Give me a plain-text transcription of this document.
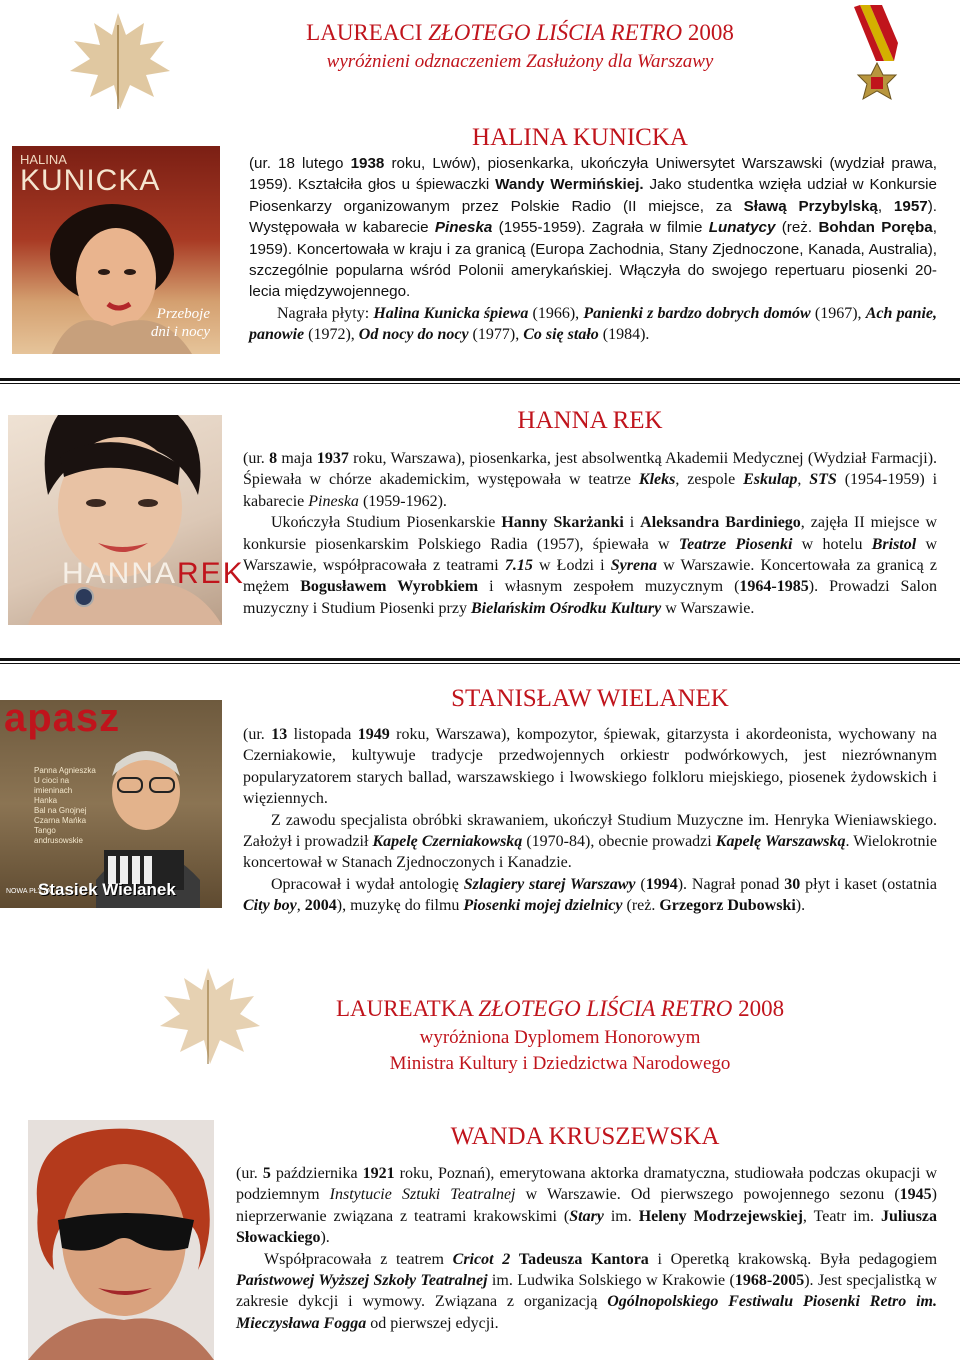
LAUREACI ZŁOTEGO LIŚCIA RETRO 2008
wyróżnieni odznaczeniem Zasłużony dla Warszawy
HALINA
KUNICKA
Przeboje
dni i nocy
HALINA KUNICKA

(ur. 18 lutego 1938 roku, Lwów), piosenkarka, ukończyła Uniwersytet Warszawski (wydział prawa, 1959). Kształciła głos u śpiewaczki Wandy Wermińskiej. Jako studentka wzięła udział w Konkursie Piosenkarzy organizowanym przez Polskie Radio (II miejsce, za Sławą Przybylską, 1957). Występowała w kabarecie Pineska (1955-1959). Zagrała w filmie Lunatycy (reż. Bohdan Poręba, 1959). Koncertowała w kraju i za granicą (Europa Zachodnia, Stany Zjednoczone, Kanada, Australia), szczególnie popularna wśród Polonii amerykańskiej. Włączyła do swojego repertuaru piosenki 20-lecia międzywojennego.

Nagrała płyty: Halina Kunicka śpiewa (1966), Panienki z bardzo dobrych domów (1967), Ach panie, panowie (1972), Od nocy do nocy (1977), Co się stało (1984).

HANNAREK
HANNA REK

(ur. 8 maja 1937 roku, Warszawa), piosenkarka, jest absolwentką Akademii Medycznej (Wydział Farmacji). Śpiewała w chórze akademickim, występowała w teatrze Kleks, zespole Eskulap, STS (1954-1959) i kabarecie Pineska (1959-1962).

Ukończyła Studium Piosenkarskie Hanny Skarżanki i Aleksandra Bardiniego, zajęła II miejsce w konkursie piosenkarskim Polskiego Radia (1957), śpiewała w Teatrze Piosenki w hotelu Bristol w Warszawie, współpracowała z teatrami 7.15 w Łodzi i Syrena w Warszawie. Koncertowała za granicą z mężem Bogusławem Wyrobkiem i własnym zespołem muzycznym (1964-1985). Prowadzi Salon muzyczny i Studium Piosenki przy Bielańskim Ośrodku Kultury w Warszawie.

apasz
Panna Agnieszka
U cioci na imieninach
Hanka
Bal na Gnojnej
Czarna Mańka
Tango andrusowskie
NOWA PŁYTA
Stasiek Wielanek
STANISŁAW WIELANEK

(ur. 13 listopada 1949 roku, Warszawa), kompozytor, śpiewak, gitarzysta i akordeonista, wychowany na Czerniakowie, kultywuje tradycje przedwojennych orkiestr podwórkowych, jest niezrównanym popularyzatorem starych ballad, warszawskiego i lwowskiego folkloru miejskiego, piosenek żydowskich i więziennych.

Z zawodu specjalista obróbki skrawaniem, ukończył Studium Muzyczne im. Henryka Wieniawskiego. Założył i prowadził Kapelę Czerniakowską (1970-84), obecnie prowadzi Kapelę Warszawską. Wielokrotnie koncertował w Stanach Zjednoczonych i Kanadzie.

Opracował i wydał antologię Szlagiery starej Warszawy (1994). Nagrał ponad 30 płyt i kaset (ostatnia City boy, 2004), muzykę do filmu Piosenki mojej dzielnicy (reż. Grzegorz Dubowski).

LAUREATKA ZŁOTEGO LIŚCIA RETRO 2008
wyróżniona Dyplomem Honorowym
Ministra Kultury i Dziedzictwa Narodowego
WANDA KRUSZEWSKA

(ur. 5 października 1921 roku, Poznań), emerytowana aktorka dramatyczna, studiowała podczas okupacji w podziemnym Instytucie Sztuki Teatralnej w Warszawie. Od pierwszego powojennego sezonu (1945) nieprzerwanie związana z teatrami krakowskimi (Stary im. Heleny Modrzejewskiej, Teatr im. Juliusza Słowackiego).

Współpracowała z teatrem Cricot 2 Tadeusza Kantora i Operetką krakowską. Była pedagogiem Państwowej Wyższej Szkoły Teatralnej im. Ludwika Solskiego w Krakowie (1968-2005). Jest specjalistką w zakresie dykcji i wymowy. Związana z organizacją Ogólnopolskiego Festiwalu Piosenki Retro im. Mieczysława Fogga od pierwszej edycji.
